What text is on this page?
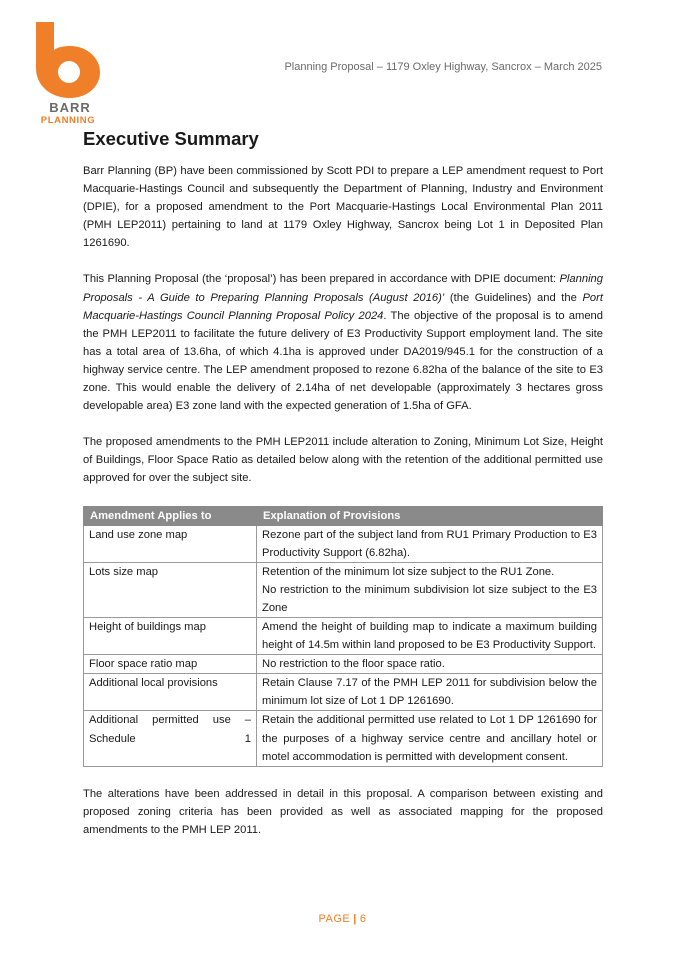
BARR
PLANNING
Planning Proposal – 1179 Oxley Highway, Sancrox – March 2025
Executive Summary

Barr Planning (BP) have been commissioned by Scott PDI to prepare a LEP amendment request to Port Macquarie-Hastings Council and subsequently the Department of Planning, Industry and Environment (DPIE), for a proposed amendment to the Port Macquarie-Hastings Local Environmental Plan 2011 (PMH LEP2011) pertaining to land at 1179 Oxley Highway, Sancrox being Lot 1 in Deposited Plan 1261690.

This Planning Proposal (the ‘proposal’) has been prepared in accordance with DPIE document: Planning Proposals - A Guide to Preparing Planning Proposals (August 2016)’ (the Guidelines) and the Port Macquarie-Hastings Council Planning Proposal Policy 2024. The objective of the proposal is to amend the PMH LEP2011 to facilitate the future delivery of E3 Productivity Support employment land. The site has a total area of 13.6ha, of which 4.1ha is approved under DA2019/945.1 for the construction of a highway service centre. The LEP amendment proposed to rezone 6.82ha of the balance of the site to E3 zone. This would enable the delivery of 2.14ha of net developable (approximately 3 hectares gross developable area) E3 zone land with the expected generation of 1.5ha of GFA.

The proposed amendments to the PMH LEP2011 include alteration to Zoning, Minimum Lot Size, Height of Buildings, Floor Space Ratio as detailed below along with the retention of the additional permitted use approved for over the subject site.

Amendment Applies to	Explanation of Provisions
Land use zone map	Rezone part of the subject land from RU1 Primary Production to E3 Productivity Support (6.82ha).

Lots size map	Retention of the minimum lot size subject to the RU1 Zone.
No restriction to the minimum subdivision lot size subject to the E3 Zone

Height of buildings map	Amend the height of building map to indicate a maximum building height of 14.5m within land proposed to be E3 Productivity Support.

Floor space ratio map	No restriction to the floor space ratio.

Additional local provisions	Retain Clause 7.17 of the PMH LEP 2011 for subdivision below the minimum lot size of Lot 1 DP 1261690.

Additional permitted use – Schedule 1	Retain the additional permitted use related to Lot 1 DP 1261690 for the purposes of a highway service centre and ancillary hotel or motel accommodation is permitted with development consent.

The alterations have been addressed in detail in this proposal. A comparison between existing and proposed zoning criteria has been provided as well as associated mapping for the proposed amendments to the PMH LEP 2011.

PAGE | 6
